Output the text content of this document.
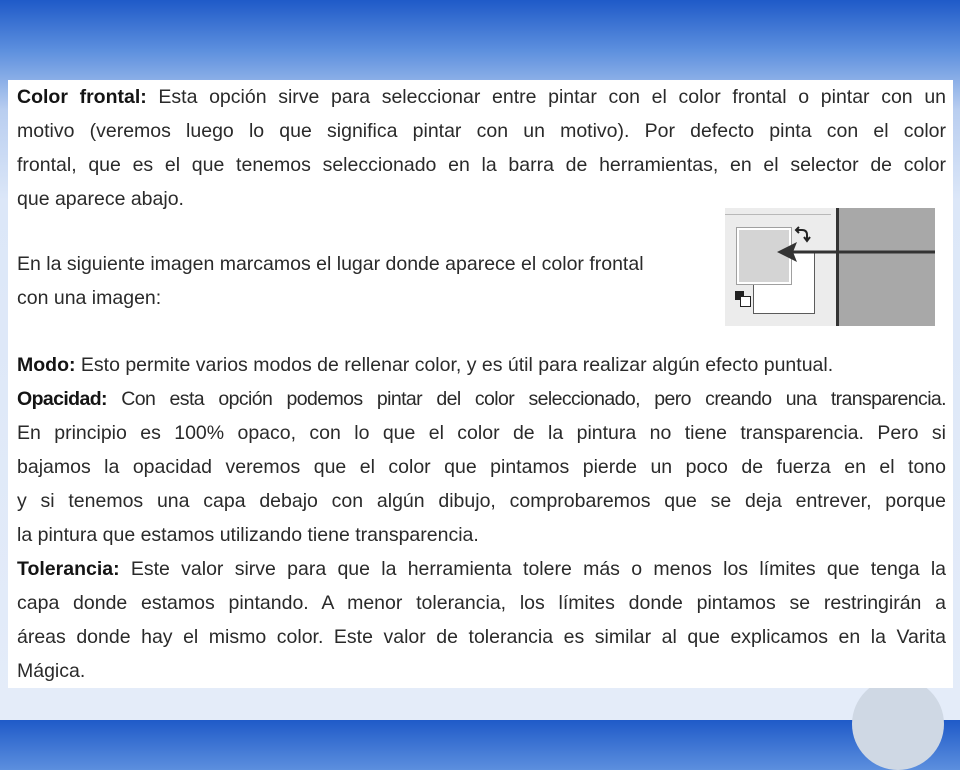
Color frontal: Esta opción sirve para seleccionar entre pintar con el color frontal o pintar con un
motivo (veremos luego lo que significa pintar con un motivo). Por defecto pinta con el color
frontal, que es el que tenemos seleccionado en la barra de herramientas, en el selector de color
que aparece abajo.

En la siguiente imagen marcamos el lugar donde aparece el color frontal
con una imagen:

Modo: Esto permite varios modos de rellenar color, y es útil para realizar algún efecto puntual.
Opacidad: Con esta opción podemos pintar del color seleccionado, pero creando una transparencia.
En principio es 100% opaco, con lo que el color de la pintura no tiene transparencia. Pero si
bajamos la opacidad veremos que el color que pintamos pierde un poco de fuerza en el tono
y si tenemos una capa debajo con algún dibujo, comprobaremos que se deja entrever, porque
la pintura que estamos utilizando tiene transparencia.
Tolerancia: Este valor sirve para que la herramienta tolere más o menos los límites que tenga la
capa donde estamos pintando. A menor tolerancia, los límites donde pintamos se restringirán a
áreas donde hay el mismo color. Este valor de tolerancia es similar al que explicamos en la Varita
Mágica.
